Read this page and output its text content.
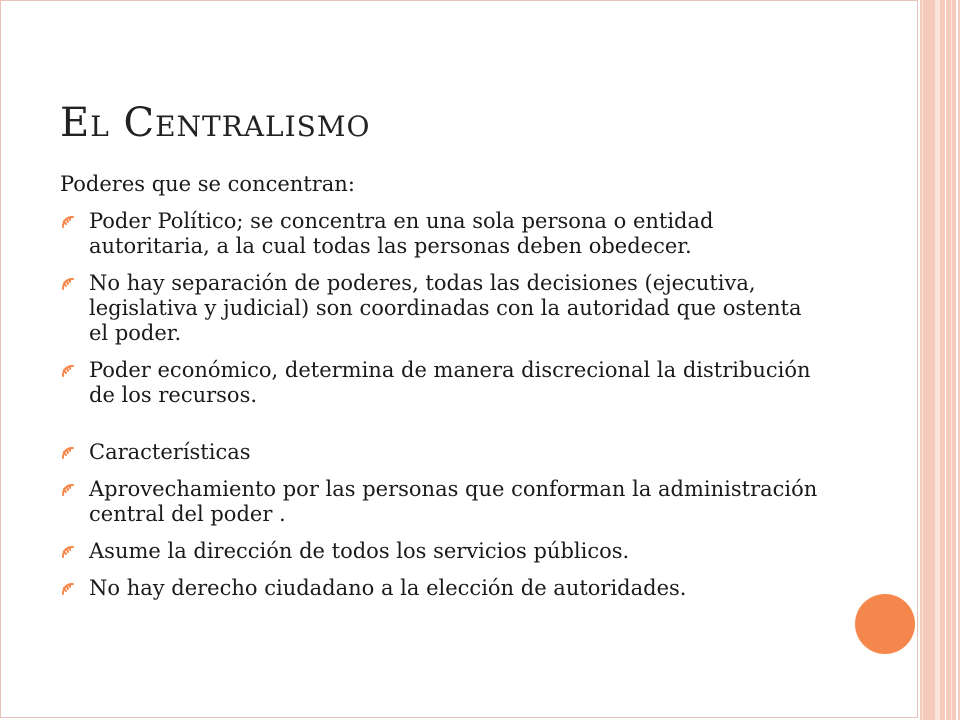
El Centralismo

Poderes que se concentran:

Poder Político; se concentra en una sola persona o entidad autoritaria, a la cual todas las personas deben obedecer.
No hay separación de poderes, todas las decisiones (ejecutiva, legislativa y judicial) son coordinadas con la autoridad que ostenta el poder.
Poder económico, determina de manera discrecional la distribución de los recursos.
Características
Aprovechamiento por las personas que conforman la administración central del poder .
Asume la dirección de todos los servicios públicos.
No hay derecho ciudadano a la elección de autoridades.
